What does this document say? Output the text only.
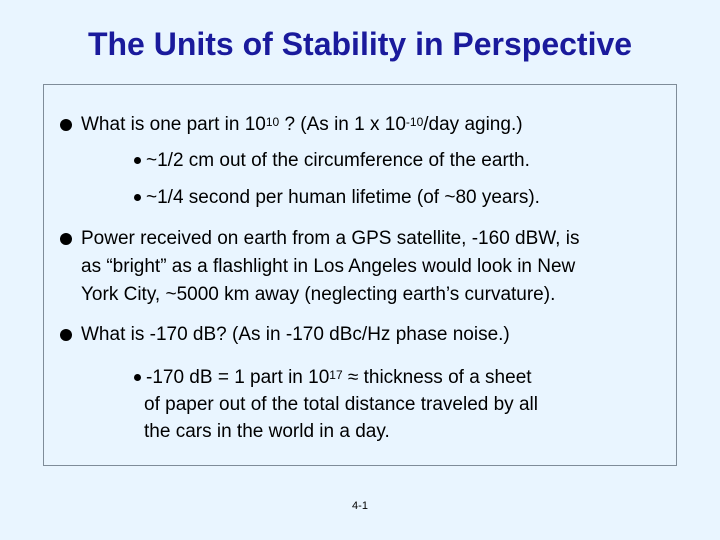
The Units of Stability in Perspective
What is one part in $10^{10}$ ? (As in 1 x $10^{-10}$/day aging.)
~1/2 cm out of the circumference of the earth.
~1/4 second per human lifetime (of ~80 years).
Power received on earth from a GPS satellite, -160 dBW, is
as “bright” as a flashlight in Los Angeles would look in New
York City, ~5000 km away (neglecting earth’s curvature).
What is -170 dB? (As in -170 dBc/Hz phase noise.)
-170 dB = 1 part in $10^{17}$ ≈ thickness of a sheet
of paper out of the total distance traveled by all
the cars in the world in a day.
4-1
